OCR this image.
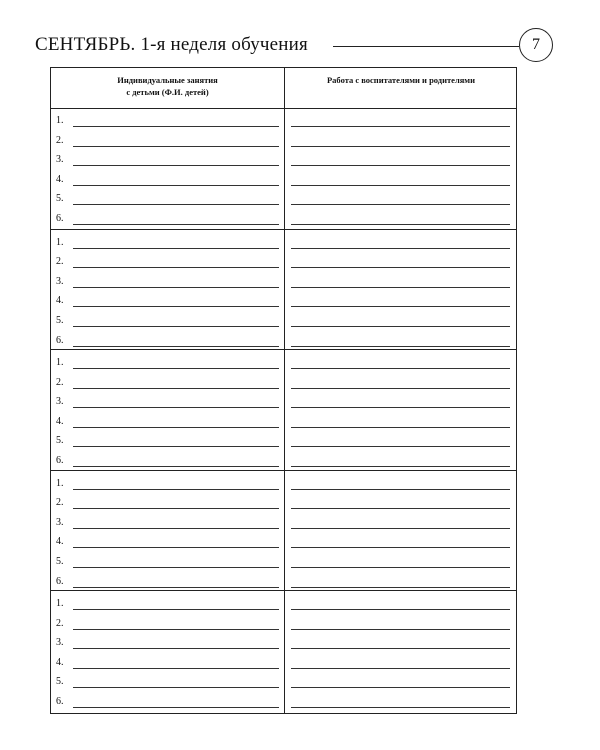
СЕНТЯБРЬ. 1-я неделя обучения	7
Индивидуальные занятия
с детьми (Ф.И. детей)
Работа с воспитателями и родителями
1.
2.
3.
4.
5.
6.
1.
2.
3.
4.
5.
6.
1.
2.
3.
4.
5.
6.
1.
2.
3.
4.
5.
6.
1.
2.
3.
4.
5.
6.
